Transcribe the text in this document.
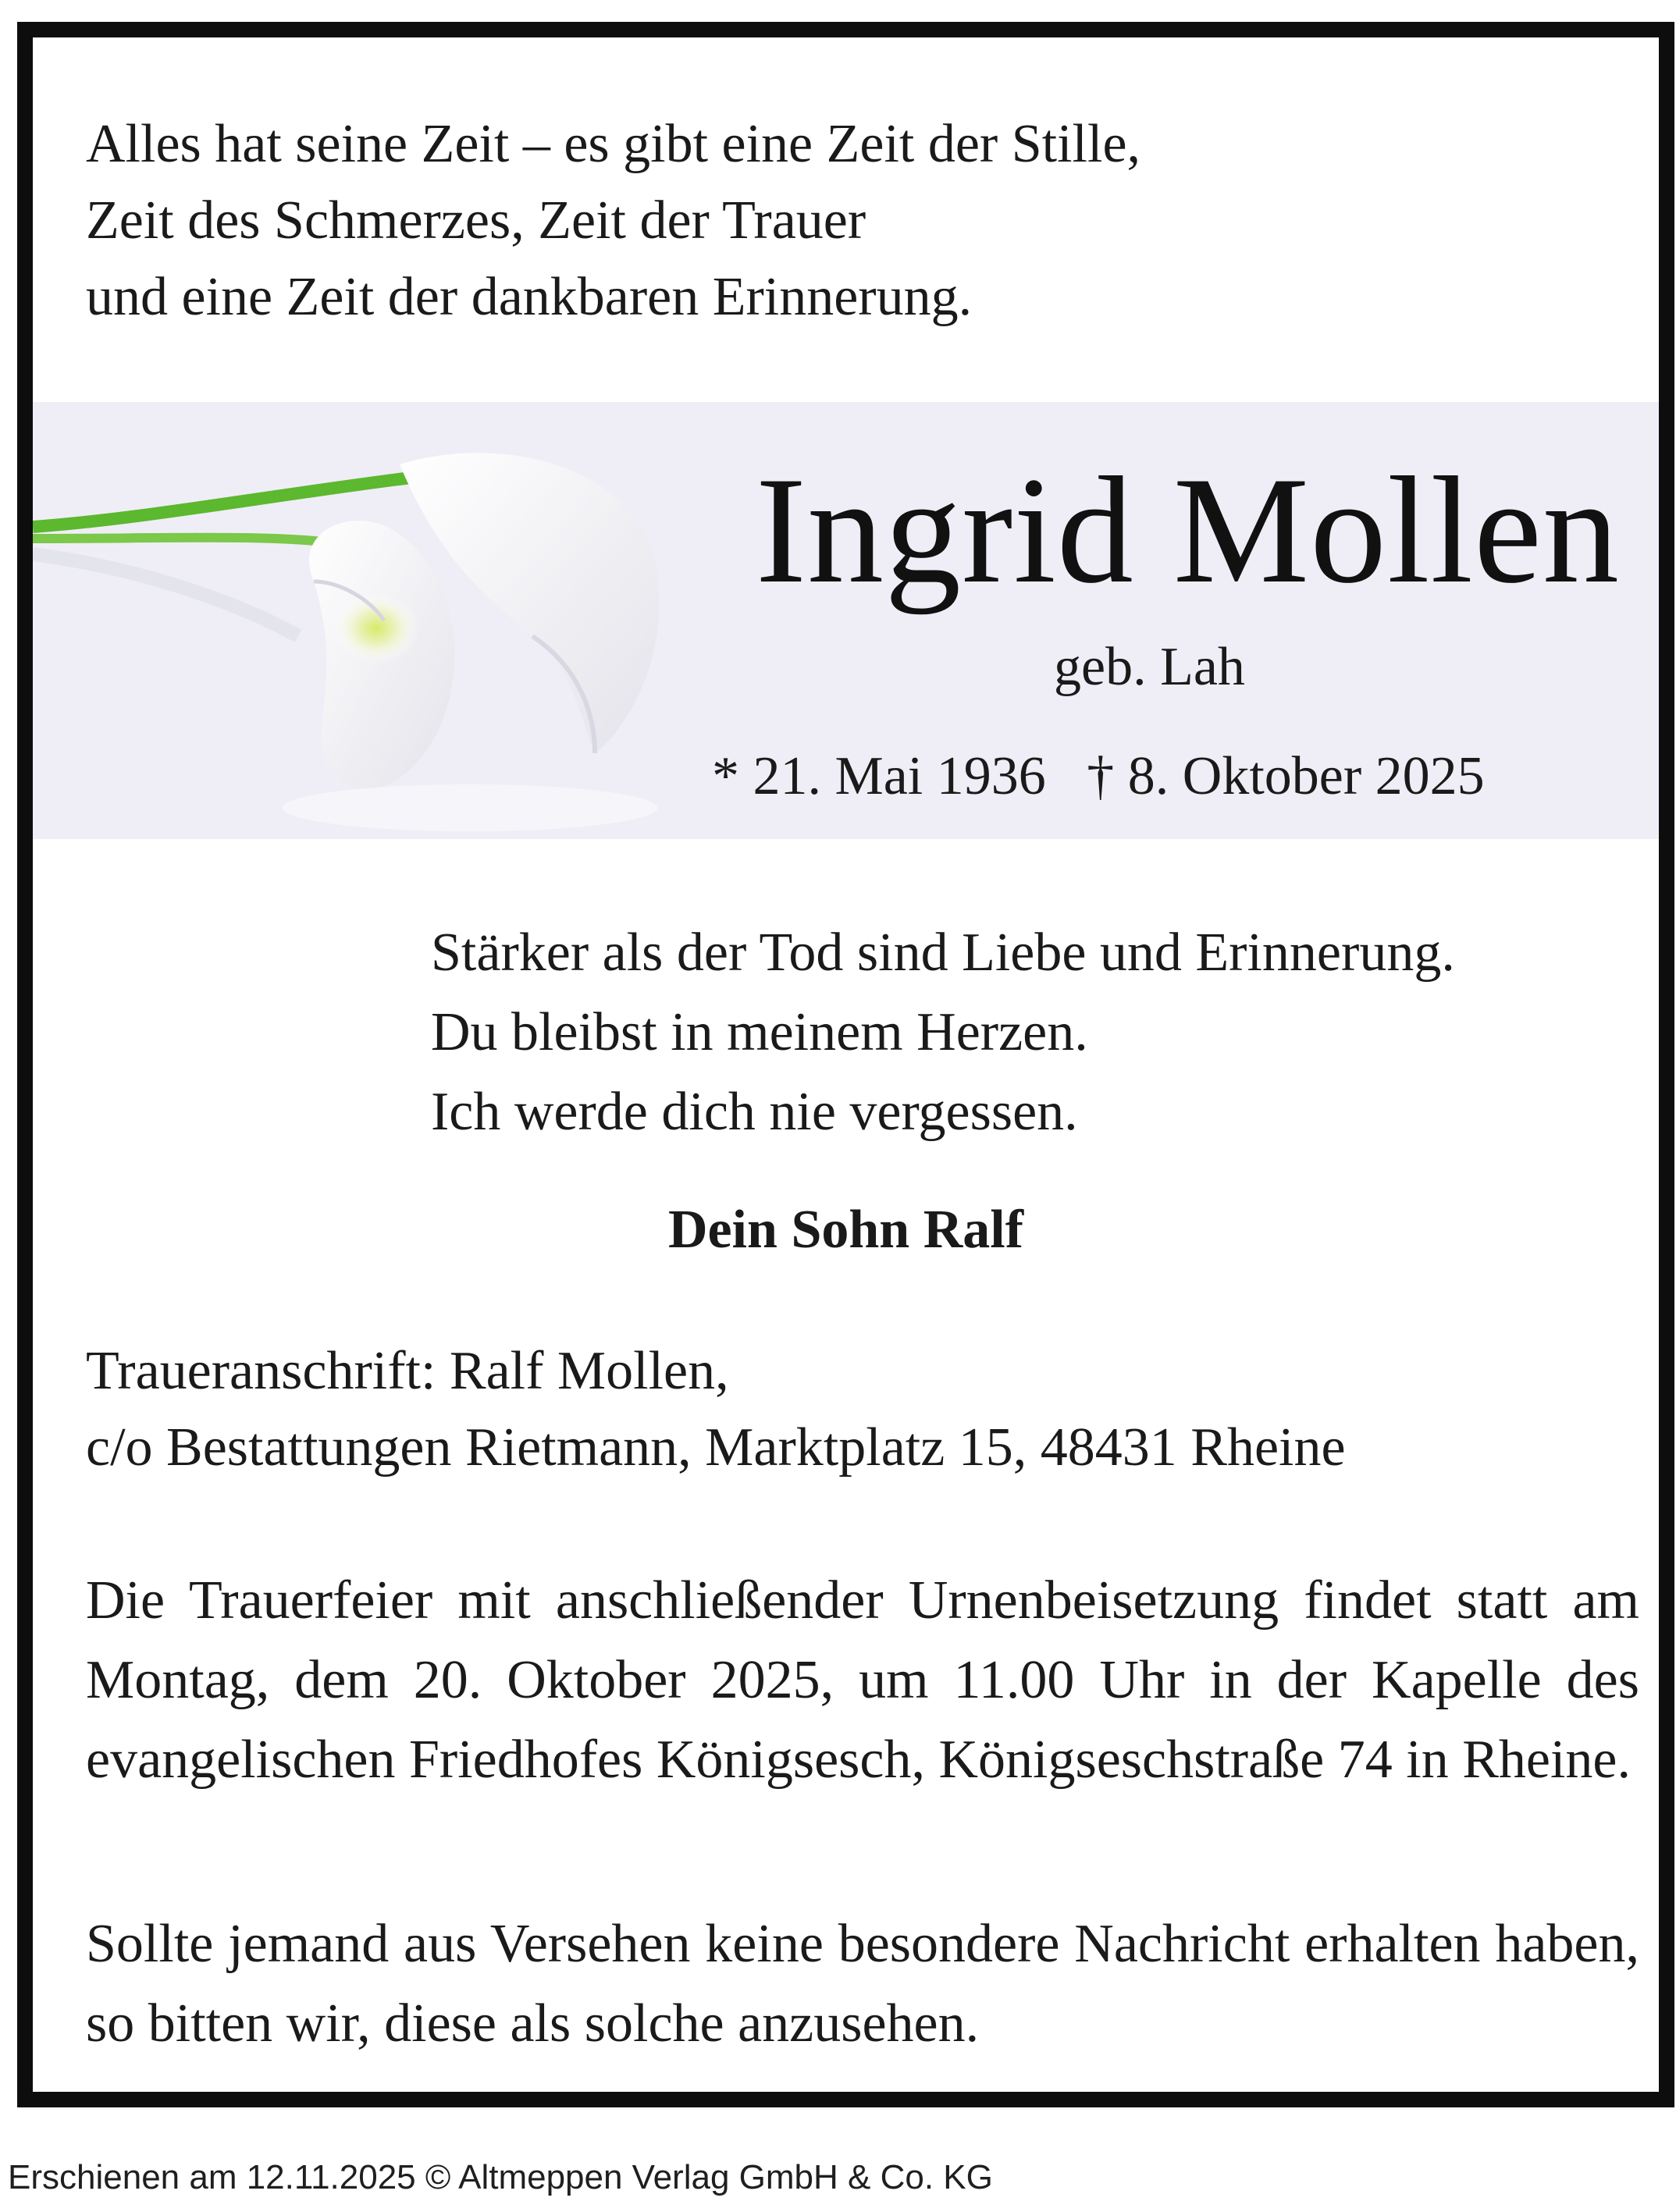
Alles hat seine Zeit – es gibt eine Zeit der Stille,
Zeit des Schmerzes, Zeit der Trauer
und eine Zeit der dankbaren Erinnerung.
Ingrid Mollen
geb. Lah
* 21. Mai 1936 † 8. Oktober 2025
Stärker als der Tod sind Liebe und Erinnerung.
Du bleibst in meinem Herzen.
Ich werde dich nie vergessen.
Dein Sohn Ralf
Traueranschrift: Ralf Mollen,
c/o Bestattungen Rietmann, Marktplatz 15, 48431 Rheine

Die Trauerfeier mit anschließender Urnenbeisetzung findet statt am Montag, dem 20. Oktober 2025, um 11.00 Uhr in der Kapelle des evangelischen Friedhofes Königsesch, Königseschstraße 74 in Rheine.

Sollte jemand aus Versehen keine besondere Nachricht erhalten haben, so bitten wir, diese als solche anzusehen.

Erschienen am 12.11.2025 © Altmeppen Verlag GmbH & Co. KG
